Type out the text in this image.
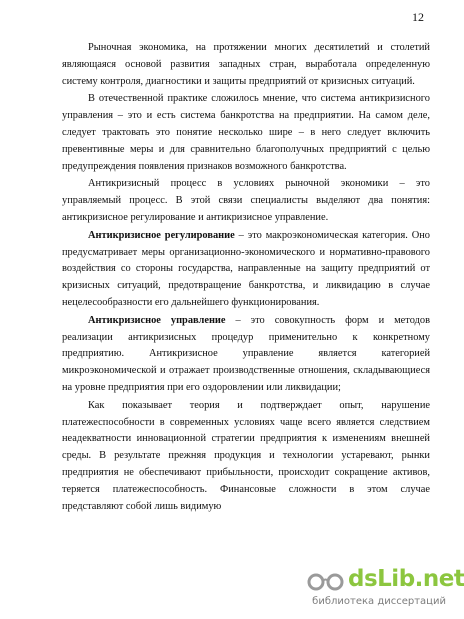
12

Рыночная экономика, на протяжении многих десятилетий и столетий являющаяся основой развития западных стран, выработала определенную систему контроля, диагностики и защиты предприятий от кризисных ситуаций.

В отечественной практике сложилось мнение, что система антикризисного управления – это и есть система банкротства на предприятии. На самом деле, следует трактовать это понятие несколько шире – в него следует включить превентивные меры и для сравнительно благополучных предприятий с целью предупреждения появления признаков возможного банкротства.

Антикризисный процесс в условиях рыночной экономики – это управляемый процесс. В этой связи специалисты выделяют два понятия: антикризисное регулирование и антикризисное управление.

Антикризисное регулирование – это макроэкономическая категория. Оно предусматривает меры организационно-экономического и нормативно-правового воздействия со стороны государства, направленные на защиту предприятий от кризисных ситуаций, предотвращение банкротства, и ликвидацию в случае нецелесообразности его дальнейшего функционирования.

Антикризисное управление – это совокупность форм и методов реализации антикризисных процедур применительно к конкретному предприятию. Антикризисное управление является категорией микроэкономической и отражает производственные отношения, складывающиеся на уровне предприятия при его оздоровлении или ликвидации;

Как показывает теория и подтверждает опыт, нарушение платежеспособности в современных условиях чаще всего является следствием неадекватности инновационной стратегии предприятия к изменениям внешней среды. В результате прежняя продукция и технологии устаревают, рынки предприятия не обеспечивают прибыльности, происходит сокращение активов, теряется платежеспособность. Финансовые сложности в этом случае представляют собой лишь видимую

dsLib.net
библиотека диссертаций
